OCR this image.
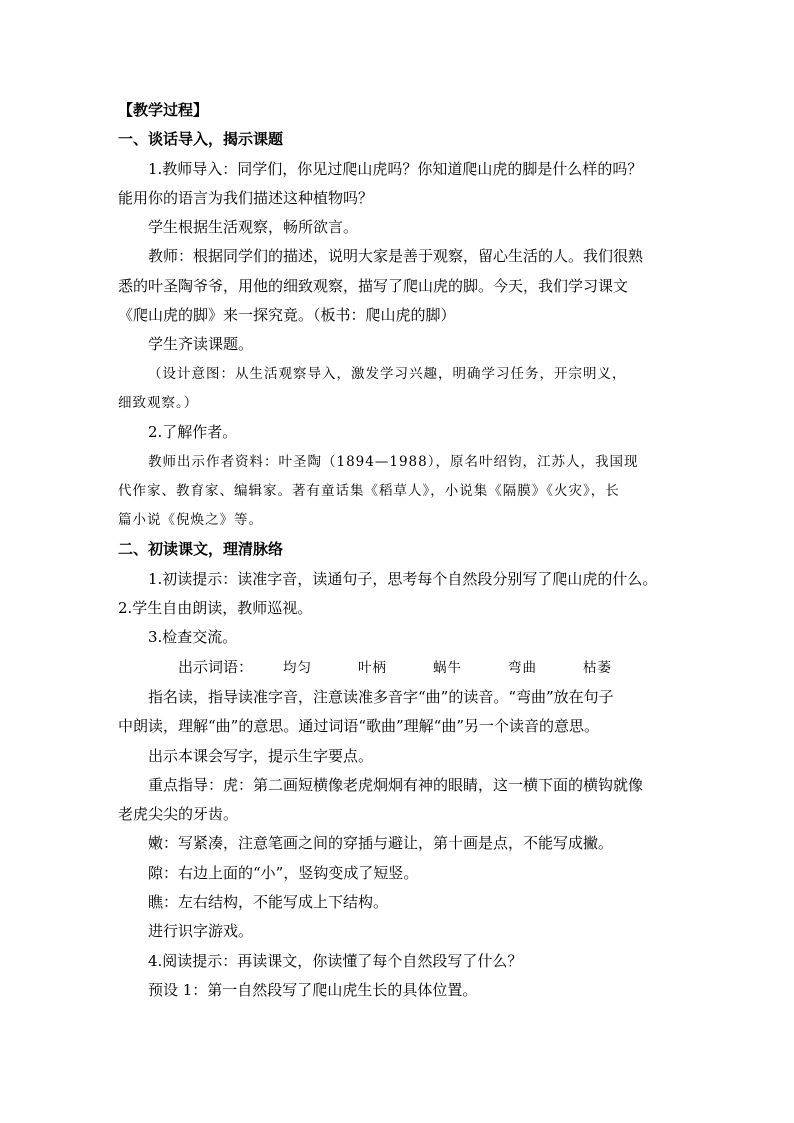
【教学过程】

一、谈话导入，揭示课题

1.教师导入：同学们，你见过爬山虎吗？你知道爬山虎的脚是什么样的吗？

能用你的语言为我们描述这种植物吗？

学生根据生活观察，畅所欲言。

教师：根据同学们的描述，说明大家是善于观察，留心生活的人。我们很熟

悉的叶圣陶爷爷，用他的细致观察，描写了爬山虎的脚。今天，我们学习课文

《爬山虎的脚》来一探究竟。（板书：爬山虎的脚）

学生齐读课题。

（设计意图：从生活观察导入，激发学习兴趣，明确学习任务，开宗明义，

细致观察。）

2.了解作者。

教师出示作者资料：叶圣陶（1894—1988），原名叶绍钧，江苏人，我国现

代作家、教育家、编辑家。著有童话集《稻草人》，小说集《隔膜》《火灾》，长

篇小说《倪焕之》等。

二、初读课文，理清脉络

1.初读提示：读准字音，读通句子，思考每个自然段分别写了爬山虎的什么。

2.学生自由朗读，教师巡视。

3.检查交流。

出示词语： 均匀	叶柄	蜗牛	弯曲	枯萎

指名读，指导读准字音，注意读准多音字“曲”的读音。“弯曲”放在句子

中朗读，理解“曲”的意思。通过词语“歌曲”理解“曲”另一个读音的意思。

出示本课会写字，提示生字要点。

重点指导：虎：第二画短横像老虎炯炯有神的眼睛，这一横下面的横钩就像

老虎尖尖的牙齿。

嫩：写紧凑，注意笔画之间的穿插与避让，第十画是点，不能写成撇。

隙：右边上面的“小”，竖钩变成了短竖。

瞧：左右结构，不能写成上下结构。

进行识字游戏。

4.阅读提示：再读课文，你读懂了每个自然段写了什么？

预设 1：第一自然段写了爬山虎生长的具体位置。
